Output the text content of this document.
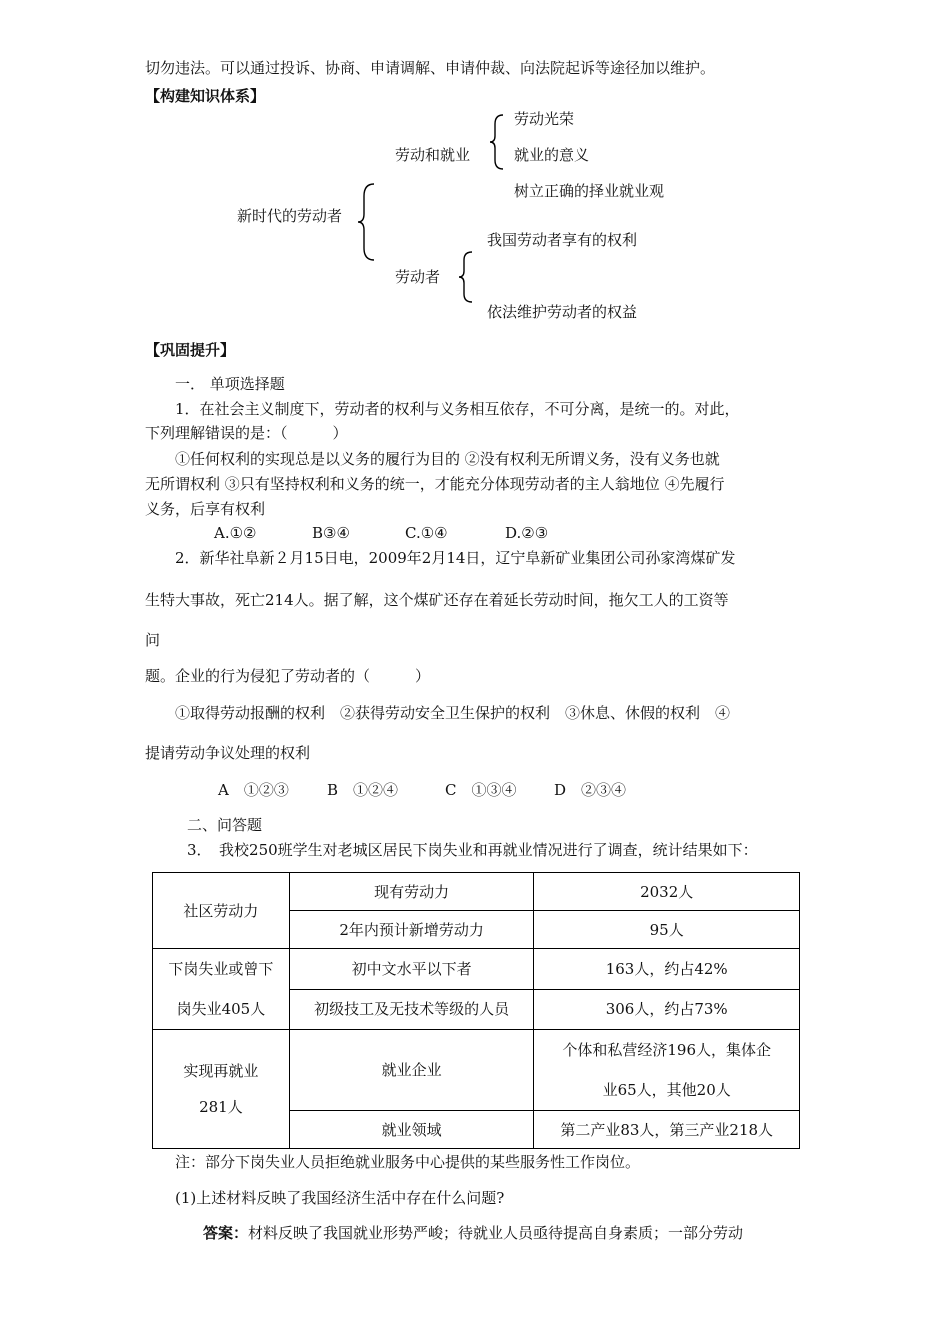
切勿违法。可以通过投诉、协商、申请调解、申请仲裁、向法院起诉等途径加以维护。
【构建知识体系】
新时代的劳动者
劳动和就业
劳动光荣
就业的意义
树立正确的择业就业观
劳动者
我国劳动者享有的权利
依法维护劳动者的权益
【巩固提升】
一． 单项选择题
1．在社会主义制度下，劳动者的权利与义务相互依存，不可分离，是统一的。对此，
下列理解错误的是：（　　　）
①任何权利的实现总是以义务的履行为目的 ②没有权利无所谓义务，没有义务也就
无所谓权利 ③只有坚持权利和义务的统一，才能充分体现劳动者的主人翁地位 ④先履行
义务，后享有权利
A.①②	B③④	C.①④	D.②③
2．新华社阜新２月15日电，2009年2月14日，辽宁阜新矿业集团公司孙家湾煤矿发
生特大事故，死亡214人。据了解，这个煤矿还存在着延长劳动时间，拖欠工人的工资等
问
题。企业的行为侵犯了劳动者的（　　　）
①取得劳动报酬的权利　②获得劳动安全卫生保护的权利　③休息、休假的权利　④
提请劳动争议处理的权利
A　①②③	B　①②④	C　①③④	D　②③④
二、问答题
3．　我校250班学生对老城区居民下岗失业和再就业情况进行了调查，统计结果如下：
社区劳动力	现有劳动力	2032人
	2年内预计新增劳动力	95人
下岗失业或曾下
岗失业405人	初中文水平以下者	163人，约占42%
	初级技工及无技术等级的人员	306人，约占73%
实现再就业
281人	就业企业	个体和私营经济196人，集体企
业65人，其他20人
	就业领域	第二产业83人，第三产业218人
注：部分下岗失业人员拒绝就业服务中心提供的某些服务性工作岗位。
(1)上述材料反映了我国经济生活中存在什么问题?
答案：材料反映了我国就业形势严峻；待就业人员亟待提高自身素质；一部分劳动
